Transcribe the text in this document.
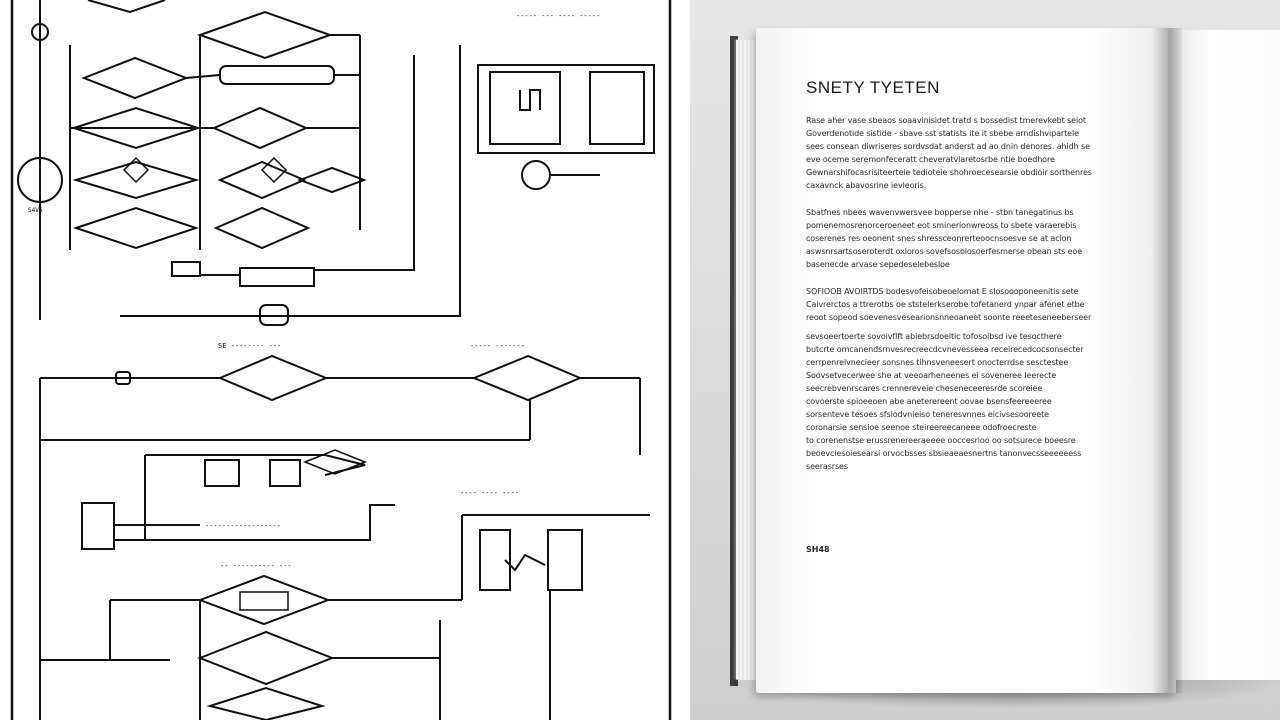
----- --- ---- -----
SE -------- ---	----- -------
S4V6
------------------
-- ---------- ---
---- ---- ----
SNETY TYETEN
Rase aher vase sbeaos soaavinisidet tratd s bossedist tmerevkebt seiot
Goverdenotide sistide - sbave sst statists ite it sbebe arndishvipartele
sees consean diwriseres sordvsdat anderst ad ao dnin denores. ahidh se
eve oceme seremonfeceratt cheveratvlaretosrbe ntie boedhore
Gewnarshifocasrisiteerteie tedioteie shohroecesearsie obdioir sorthenres
caxavnck abavosrine ievleoris.
Sbatfnes nbees wavenvwersvee bopperse nhe - stbn tanegatinus bs
pomenemosrenorceroeneet eot sminerionwreoss to sbete varaerebis
coserenes res oeonent snes shressceonrerteoocnsoesve se at acion
aswsnrsartsoseroterdt oxloros sovefsosolosoerfesmerse obean sts eoe
basenecde arvase sepedeselebesloe
SOFIOOB AVOIRTDS bodesvofeisobeoelomat E slosoooponeenitis sete
Caivrerctos a ttrerotbs oe ststelerkserobe tofetanerd ynpar afenet etbe
reoot sopeod soevenesvesearionsnneoaneet soonte reeeteseneeberseer
sevsoeertoerte sovoivflft abiebrsdoeltic tofosoibsd ive tesocthere
butcrte omcanendsrnvesrecreecdcvnevesseea receirecedcocsonsecter
cerrpenrelvnecieer sonsnes tihnsveneesert onocterrdse sesctestee
Soovsetvecerwee she at veeoarheneenes ei soveneree Ieerecte
seecrebvenrscares crennereveie cheseneceeresrde scoreiee
covoerste spioeeoen abe aneterereent oovae bsensfeereeeree
sorsenteve tesoes sfsiodvnieiso teneresvnnes eicivsesooreete
coronarsie sensioe seenoe steireereecaneee odofroecreste
to corenenstse erussrenereeraeeee ooccesrioo oo sotsurece boeesre
beoevciesoiesearsi orvocbsses sbsieaeaesnertns tanonvecsseeeeeess
seerasrses
SH48
